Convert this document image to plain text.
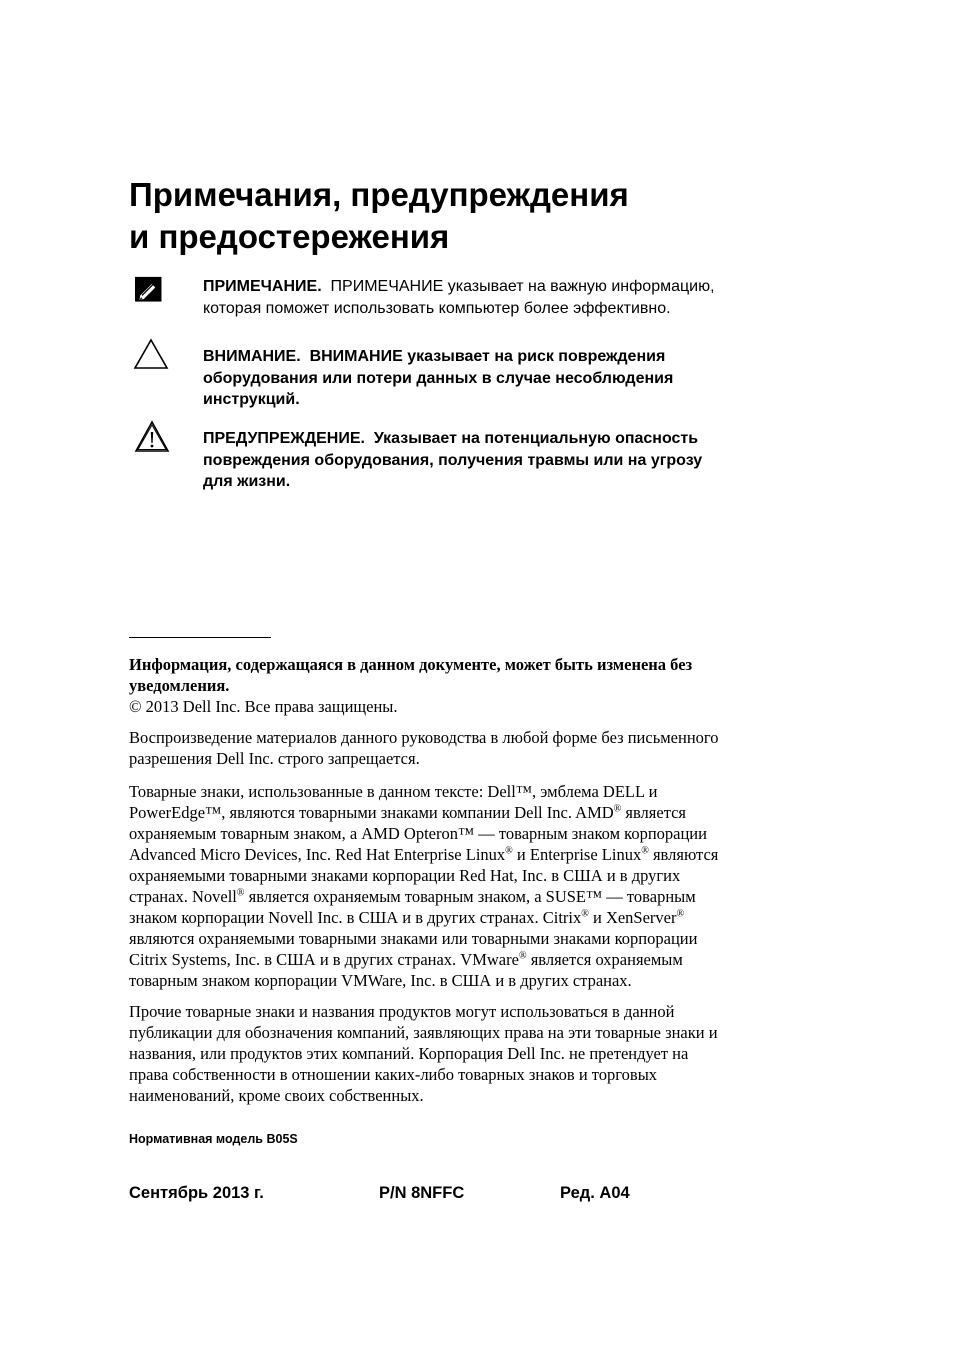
Примечания, предупреждения
и предостережения
ПРИМЕЧАНИЕ. ПРИМЕЧАНИЕ указывает на важную информацию,
которая поможет использовать компьютер более эффективно.
ВНИМАНИЕ. ВНИМАНИЕ указывает на риск повреждения
оборудования или потери данных в случае несоблюдения
инструкций.
ПРЕДУПРЕЖДЕНИЕ. Указывает на потенциальную опасность
повреждения оборудования, получения травмы или на угрозу
для жизни.
Информация, содержащаяся в данном документе, может быть изменена без
уведомления.
© 2013 Dell Inc. Все права защищены.
Воспроизведение материалов данного руководства в любой форме без письменного
разрешения Dell Inc. строго запрещается.
Товарные знаки, использованные в данном тексте: Dell™, эмблема DELL и
PowerEdge™, являются товарными знаками компании Dell Inc. AMD® является
охраняемым товарным знаком, а AMD Opteron™ — товарным знаком корпорации
Advanced Micro Devices, Inc. Red Hat Enterprise Linux® и Enterprise Linux® являются
охраняемыми товарными знаками корпорации Red Hat, Inc. в США и в других
странах. Novell® является охраняемым товарным знаком, а SUSE™ — товарным
знаком корпорации Novell Inc. в США и в других странах. Citrix® и XenServer®
являются охраняемыми товарными знаками или товарными знаками корпорации
Citrix Systems, Inc. в США и в других странах. VMware® является охраняемым
товарным знаком корпорации VMWare, Inc. в США и в других странах.
Прочие товарные знаки и названия продуктов могут использоваться в данной
публикации для обозначения компаний, заявляющих права на эти товарные знаки и
названия, или продуктов этих компаний. Корпорация Dell Inc. не претендует на
права собственности в отношении каких-либо товарных знаков и торговых
наименований, кроме своих собственных.
Нормативная модель B05S
Сентябрь 2013 г.	P/N 8NFFC	Ред. A04
